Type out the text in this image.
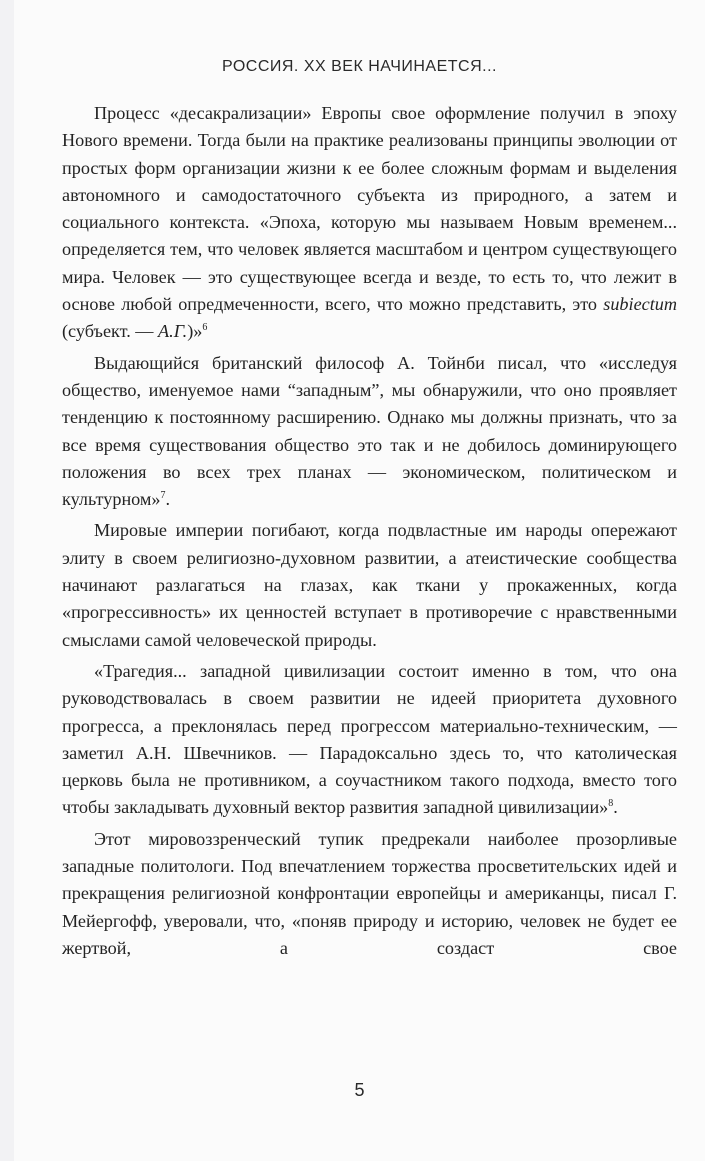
РОССИЯ. XX ВЕК НАЧИНАЕТСЯ...

Процесс «десакрализации» Европы свое оформление получил в эпоху Нового времени. Тогда были на практике реализованы принципы эволюции от простых форм организации жизни к ее более сложным формам и выделения автономного и самодостаточного субъекта из природного, а затем и социального контекста. «Эпоха, которую мы называем Новым временем... определяется тем, что человек является масштабом и центром существующего мира. Человек — это существующее всегда и везде, то есть то, что лежит в основе любой опредмеченности, всего, что можно представить, это subiectum (субъект. — А.Г.)»$^6$

Выдающийся британский философ А. Тойнби писал, что «исследуя общество, именуемое нами “западным”, мы обнаружили, что оно проявляет тенденцию к постоянному расширению. Однако мы должны признать, что за все время существования общество это так и не добилось доминирующего положения во всех трех планах — экономическом, политическом и культурном»$^7$.

Мировые империи погибают, когда подвластные им народы опережают элиту в своем религиозно-духовном развитии, а атеистические сообщества начинают разлагаться на глазах, как ткани у прокаженных, когда «прогрессивность» их ценностей вступает в противоречие с нравственными смыслами самой человеческой природы.

«Трагедия... западной цивилизации состоит именно в том, что она руководствовалась в своем развитии не идеей приоритета духовного прогресса, а преклонялась перед прогрессом материально-техническим, — заметил А.Н. Швечников. — Парадоксально здесь то, что католическая церковь была не противником, а соучастником такого подхода, вместо того чтобы закладывать духовный вектор развития западной цивилизации»$^8$.

Этот мировоззренческий тупик предрекали наиболее прозорливые западные политологи. Под впечатлением торжества просветительских идей и прекращения религиозной конфронтации европейцы и американцы, писал Г. Мейергофф, уверовали, что, «поняв природу и историю, человек не будет ее жертвой, а создаст свое

5
